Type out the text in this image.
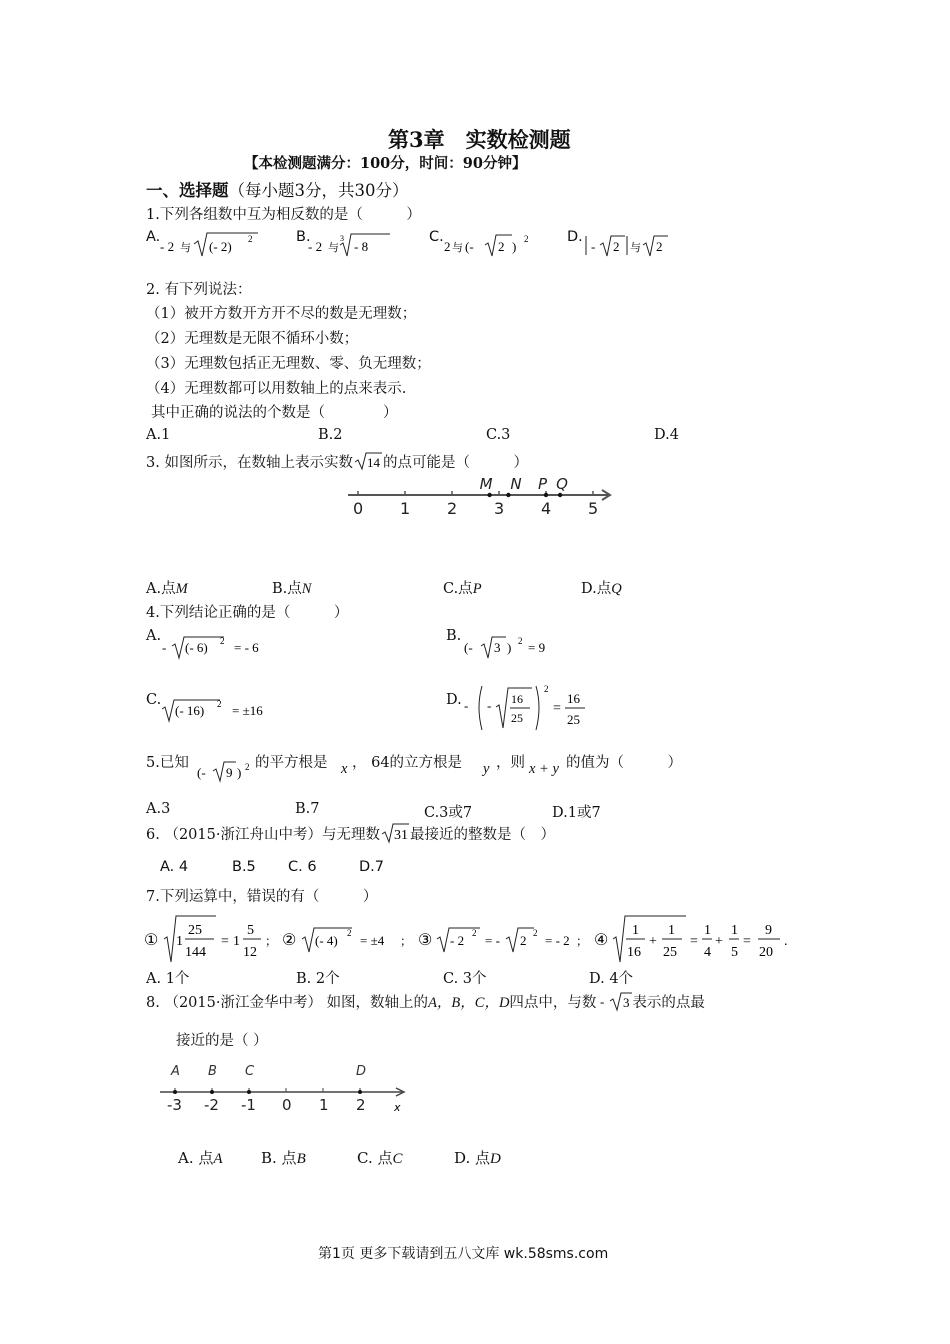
第3章　实数检测题
【本检测题满分：100分，时间：90分钟】
一、选择题（每小题3分，共30分）
1.下列各组数中互为相反数的是（　　　）
A.
- 2 与 (- 2) 2	B.
- 2 与
3
- 8
C.
2 与 (- 2 ) 2	D.
- 2 与 2
2. 有下列说法：
（1）被开方数开方开不尽的数是无理数；
（2）无理数是无限不循环小数；
（3）无理数包括正无理数、零、负无理数；
（4）无理数都可以用数轴上的点来表示.
其中正确的说法的个数是（　　　　）
A.1	B.2	C.3	D.4
3. 如图所示，在数轴上表示实数 14 的点可能是（　　　）
0 1 2 3 4 5
M N P Q
A.点M	B.点N	C.点P	D.点Q
4.下列结论正确的是（　　　）
A.
- (- 6) 2 = - 6
B.
(- 3 ) 2 = 9
C.
(- 16) 2 = ±16
D. - - 16
25
2
=
16
25
5.已知
(- 9 ) 2 的平方根是 x ， 64的立方根是 y ，则 x + y 的值为（　　　）
A.3	B.7	C.3或7	D.1或7
6. （2015·浙江舟山中考）与无理数 31 最接近的整数是（　）
A. 4	B.5 C. 6	D.7
7.下列运算中，错误的有（　　　）
① 1
25
144
= 1
5
12
； ② (- 4) 2 = ±4 ； ③ - 2 2 = - 2 2 = - 2 ； ④
1
16
+
1
25
=
1
4
+
1
5
=
9
20
.
A. 1个	B. 2个	C. 3个	D. 4个
8. （2015·浙江金华中考） 如图，数轴上的A，B，C，D四点中，与数 - 3 表示的点最
接近的是（ ）
x
-3 -2 -1 0 1 2
A B C	D
A. 点A	B. 点B	C. 点C	D. 点D
第1页 更多下载请到五八文库 wk.58sms.com
